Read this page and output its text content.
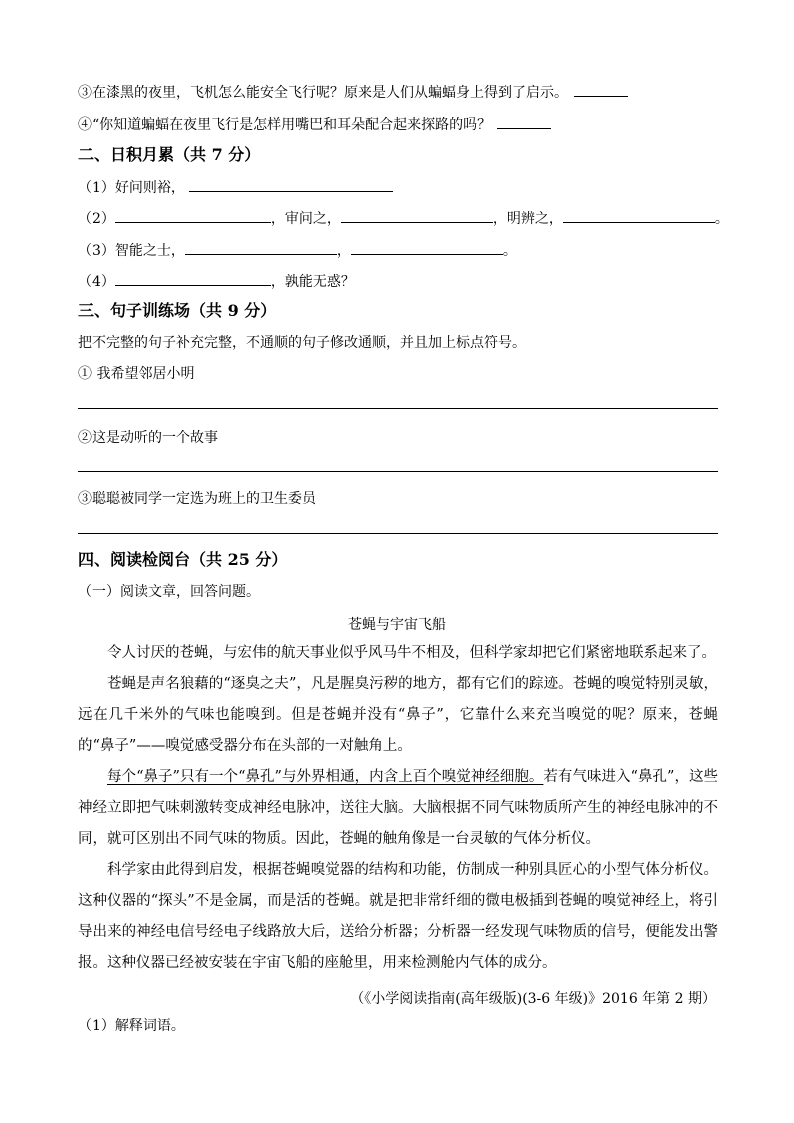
③在漆黑的夜里，飞机怎么能安全飞行呢？原来是人们从蝙蝠身上得到了启示。
④“你知道蝙蝠在夜里飞行是怎样用嘴巴和耳朵配合起来探路的吗？
二、日积月累（共 7 分）
（1）好问则裕，
（2）	，审问之，	，明辨之，	。
（3）智能之士，	，	。
（4）	，孰能无惑？
三、句子训练场（共 9 分）
把不完整的句子补充完整，不通顺的句子修改通顺，并且加上标点符号。
① 我希望邻居小明
②这是动听的一个故事
③聪聪被同学一定选为班上的卫生委员
四、阅读检阅台（共 25 分）
（一）阅读文章，回答问题。
苍蝇与宇宙飞船
令人讨厌的苍蝇，与宏伟的航天事业似乎风马牛不相及，但科学家却把它们紧密地联系起来了。
苍蝇是声名狼藉的“逐臭之夫”，凡是腥臭污秽的地方，都有它们的踪迹。苍蝇的嗅觉特别灵敏，远在几千米外的气味也能嗅到。但是苍蝇并没有“鼻子”，它靠什么来充当嗅觉的呢？原来，苍蝇的“鼻子”——嗅觉感受器分布在头部的一对触角上。
每个“鼻子”只有一个“鼻孔”与外界相通，内含上百个嗅觉神经细胞。若有气味进入“鼻孔”，这些神经立即把气味刺激转变成神经电脉冲，送往大脑。大脑根据不同气味物质所产生的神经电脉冲的不同，就可区别出不同气味的物质。因此，苍蝇的触角像是一台灵敏的气体分析仪。
科学家由此得到启发，根据苍蝇嗅觉器的结构和功能，仿制成一种别具匠心的小型气体分析仪。这种仪器的“探头”不是金属，而是活的苍蝇。就是把非常纤细的微电极插到苍蝇的嗅觉神经上，将引导出来的神经电信号经电子线路放大后，送给分析器；分析器一经发现气味物质的信号，便能发出警报。这种仪器已经被安装在宇宙飞船的座舱里，用来检测舱内气体的成分。
（《小学阅读指南(高年级版)(3-6 年级)》2016 年第 2 期）
（1）解释词语。
